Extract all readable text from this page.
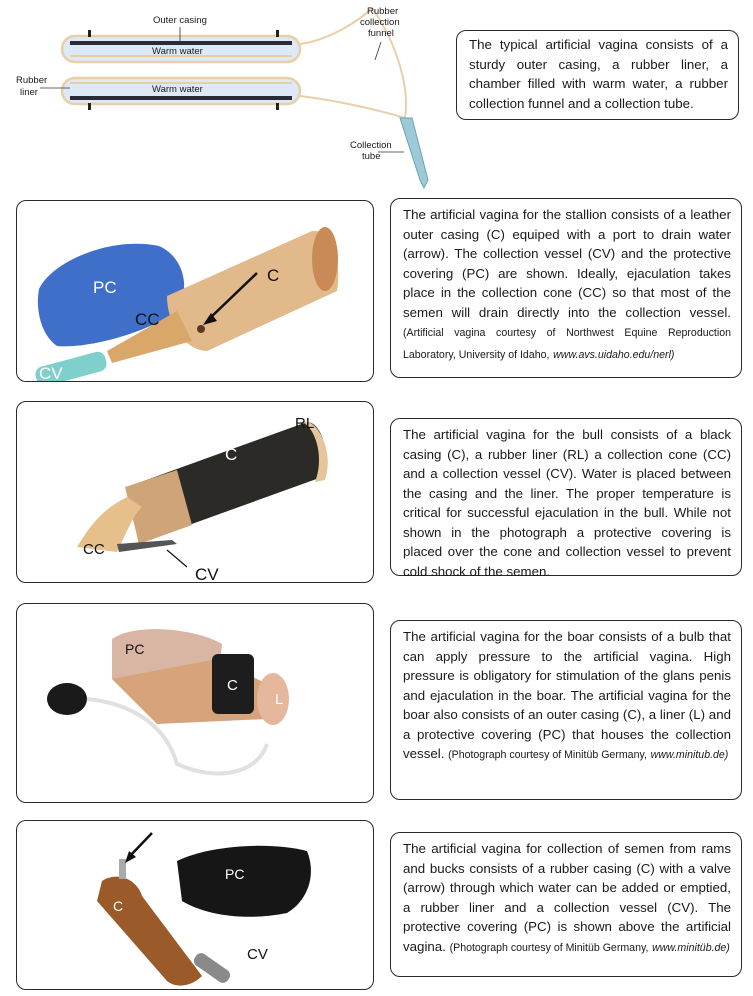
Outer casing
Warm water
Warm water
Rubber
liner
Rubber
collection
funnel
Collection
tube
The typical artificial vagina consists of a sturdy outer casing, a rubber liner, a chamber filled with warm water, a rubber collection funnel and a collection tube.
PC
C
CC
CV
The artificial vagina for the stallion consists of a leather outer casing (C) equiped with a port to drain water (arrow). The collection vessel (CV) and the protective covering (PC) are shown. Ideally, ejaculation takes place in the collection cone (CC) so that most of the semen will drain directly into the collection vessel. (Artificial vagina courtesy of Northwest Equine Reproduction Laboratory, University of Idaho, www.avs.uidaho.edu/nerl)
C
RL
CC
CV
The artificial vagina for the bull consists of a black casing (C), a rubber liner (RL) a collection cone (CC) and a collection vessel (CV). Water is placed between the casing and the liner. The proper temperature is critical for successful ejaculation in the bull. While not shown in the photograph a protective covering is placed over the cone and collection vessel to prevent cold shock of the semen.
PC
C
L
The artificial vagina for the boar consists of a bulb that can apply pressure to the artificial vagina. High pressure is obligatory for stimulation of the glans penis and ejaculation in the boar. The artificial vagina for the boar also consists of an outer casing (C), a liner (L) and a protective covering (PC) that houses the collection vessel. (Photograph courtesy of Minitüb Germany, www.minitub.de)
PC
C
CV
The artificial vagina for collection of semen from rams and bucks consists of a rubber casing (C) with a valve (arrow) through which water can be added or emptied, a rubber liner and a collection vessel (CV). The protective covering (PC) is shown above the artificial vagina. (Photograph courtesy of Minitüb Germany, www.minitüb.de)
